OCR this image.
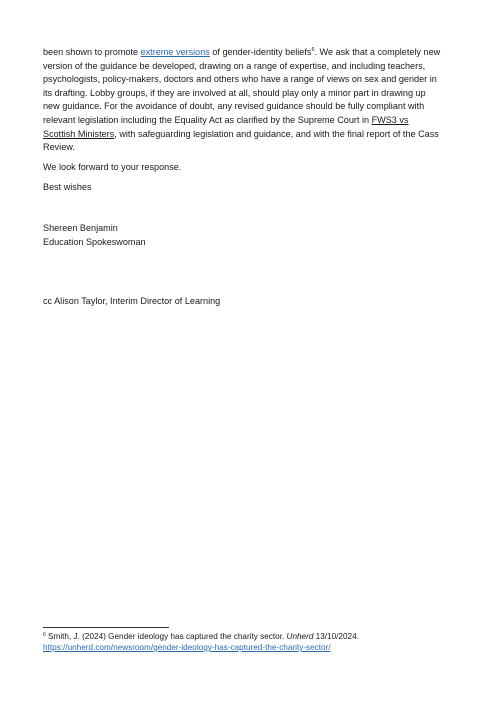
been shown to promote extreme versions of gender-identity beliefs$^6$. We ask that a completely new version of the guidance be developed, drawing on a range of expertise, and including teachers, psychologists, policy-makers, doctors and others who have a range of views on sex and gender in its drafting. Lobby groups, if they are involved at all, should play only a minor part in drawing up new guidance. For the avoidance of doubt, any revised guidance should be fully compliant with relevant legislation including the Equality Act as clarified by the Supreme Court in FWS3 vs Scottish Ministers, with safeguarding legislation and guidance, and with the final report of the Cass Review.

We look forward to your response.

Best wishes

Shereen Benjamin
Education Spokeswoman

cc Alison Taylor, Interim Director of Learning

$^6$ Smith, J. (2024) Gender ideology has captured the charity sector. Unherd 13/10/2024.
https://unherd.com/newsroom/gender-ideology-has-captured-the-charity-sector/
